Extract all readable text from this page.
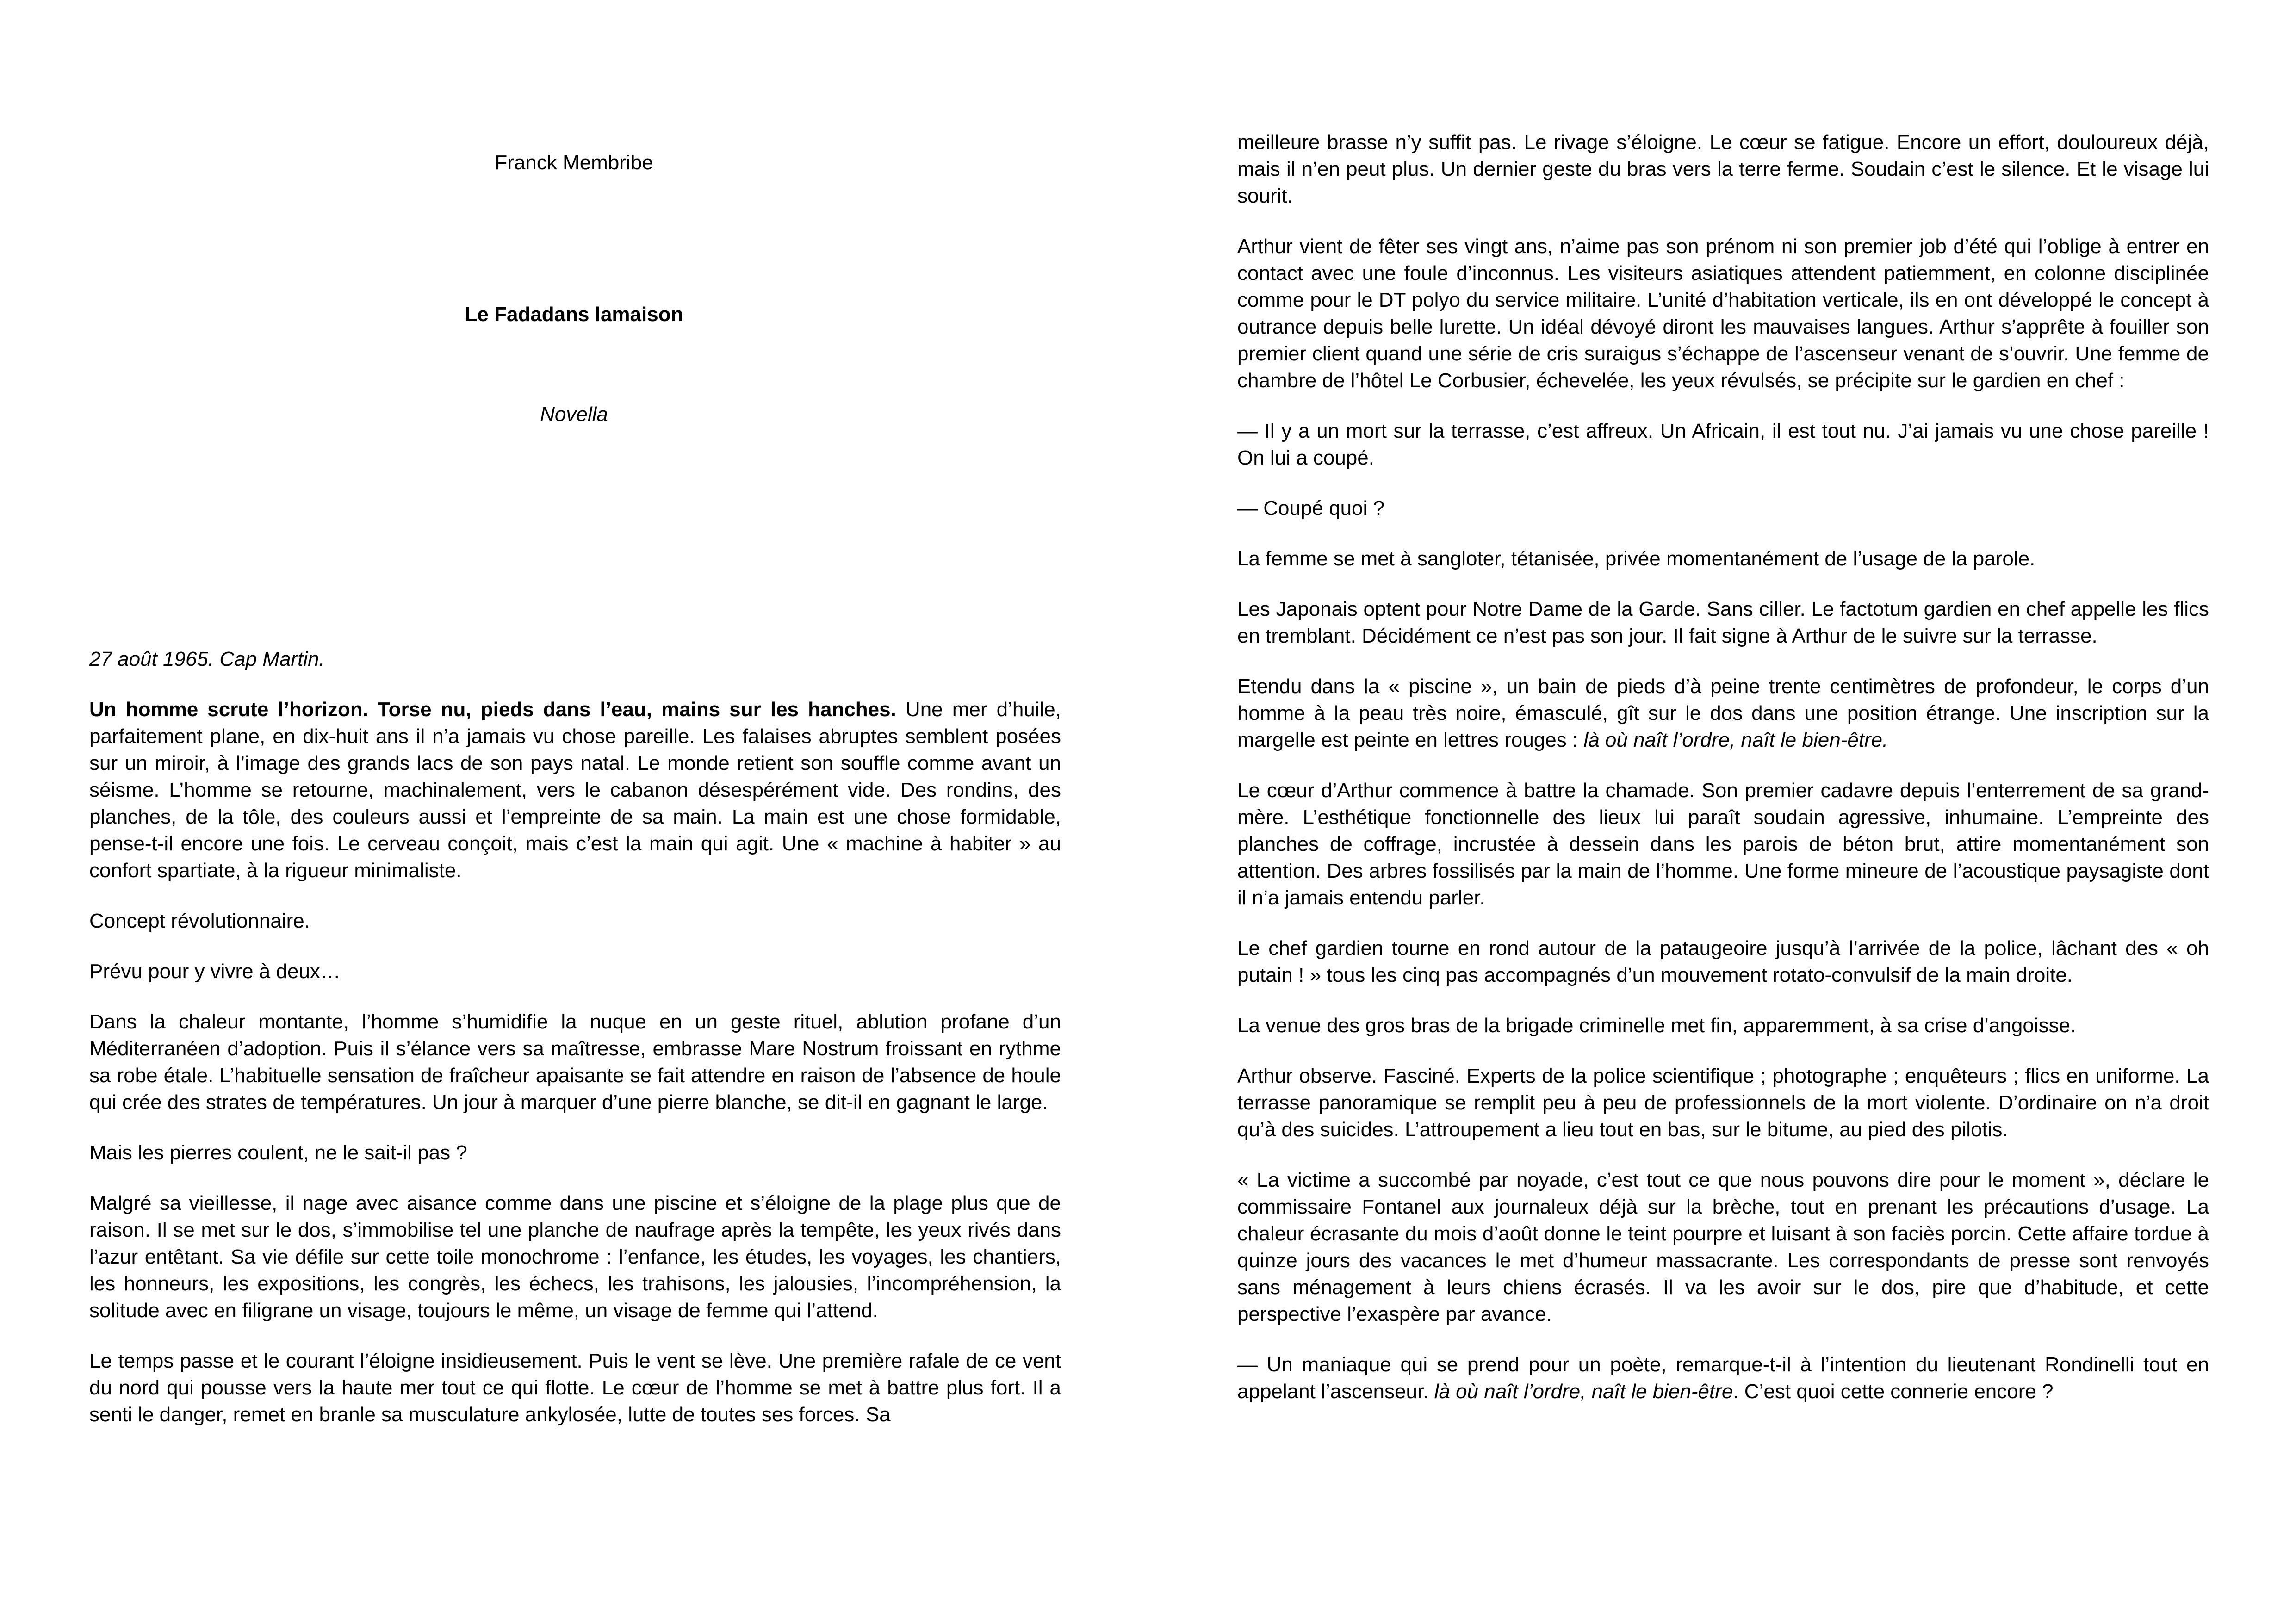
Franck Membribe
Le Fadadans lamaison
Novella

27 août 1965. Cap Martin.

Un homme scrute l’horizon. Torse nu, pieds dans l’eau, mains sur les hanches. Une mer d’huile, parfaitement plane, en dix-huit ans il n’a jamais vu chose pareille. Les falaises abruptes semblent posées sur un miroir, à l’image des grands lacs de son pays natal. Le monde retient son souffle comme avant un séisme. L’homme se retourne, machinalement, vers le cabanon désespérément vide. Des rondins, des planches, de la tôle, des couleurs aussi et l’empreinte de sa main. La main est une chose formidable, pense-t-il encore une fois. Le cerveau conçoit, mais c’est la main qui agit. Une « machine à habiter » au confort spartiate, à la rigueur minimaliste.

Concept révolutionnaire.

Prévu pour y vivre à deux…

Dans la chaleur montante, l’homme s’humidifie la nuque en un geste rituel, ablution profane d’un Méditerranéen d’adoption. Puis il s’élance vers sa maîtresse, embrasse Mare Nostrum froissant en rythme sa robe étale. L’habituelle sensation de fraîcheur apaisante se fait attendre en raison de l’absence de houle qui crée des strates de températures. Un jour à marquer d’une pierre blanche, se dit-il en gagnant le large.

Mais les pierres coulent, ne le sait-il pas ?

Malgré sa vieillesse, il nage avec aisance comme dans une piscine et s’éloigne de la plage plus que de raison. Il se met sur le dos, s’immobilise tel une planche de naufrage après la tempête, les yeux rivés dans l’azur entêtant. Sa vie défile sur cette toile monochrome : l’enfance, les études, les voyages, les chantiers, les honneurs, les expositions, les congrès, les échecs, les trahisons, les jalousies, l’incompréhension, la solitude avec en filigrane un visage, toujours le même, un visage de femme qui l’attend.

Le temps passe et le courant l’éloigne insidieusement. Puis le vent se lève. Une première rafale de ce vent du nord qui pousse vers la haute mer tout ce qui flotte. Le cœur de l’homme se met à battre plus fort. Il a senti le danger, remet en branle sa musculature ankylosée, lutte de toutes ses forces. Sa

meilleure brasse n’y suffit pas. Le rivage s’éloigne. Le cœur se fatigue. Encore un effort, douloureux déjà, mais il n’en peut plus. Un dernier geste du bras vers la terre ferme. Soudain c’est le silence. Et le visage lui sourit.

Arthur vient de fêter ses vingt ans, n’aime pas son prénom ni son premier job d’été qui l’oblige à entrer en contact avec une foule d’inconnus. Les visiteurs asiatiques attendent patiemment, en colonne disciplinée comme pour le DT polyo du service militaire. L’unité d’habitation verticale, ils en ont développé le concept à outrance depuis belle lurette. Un idéal dévoyé diront les mauvaises langues. Arthur s’apprête à fouiller son premier client quand une série de cris suraigus s’échappe de l’ascenseur venant de s’ouvrir. Une femme de chambre de l’hôtel Le Corbusier, échevelée, les yeux révulsés, se précipite sur le gardien en chef :

— Il y a un mort sur la terrasse, c’est affreux. Un Africain, il est tout nu. J’ai jamais vu une chose pareille ! On lui a coupé.

— Coupé quoi ?

La femme se met à sangloter, tétanisée, privée momentanément de l’usage de la parole.

Les Japonais optent pour Notre Dame de la Garde. Sans ciller. Le factotum gardien en chef appelle les flics en tremblant. Décidément ce n’est pas son jour. Il fait signe à Arthur de le suivre sur la terrasse.

Etendu dans la « piscine », un bain de pieds d’à peine trente centimètres de profondeur, le corps d’un homme à la peau très noire, émasculé, gît sur le dos dans une position étrange. Une inscription sur la margelle est peinte en lettres rouges : là où naît l’ordre, naît le bien-être.

Le cœur d’Arthur commence à battre la chamade. Son premier cadavre depuis l’enterrement de sa grand-mère. L’esthétique fonctionnelle des lieux lui paraît soudain agressive, inhumaine. L’empreinte des planches de coffrage, incrustée à dessein dans les parois de béton brut, attire momentanément son attention. Des arbres fossilisés par la main de l’homme. Une forme mineure de l’acoustique paysagiste dont il n’a jamais entendu parler.

Le chef gardien tourne en rond autour de la pataugeoire jusqu’à l’arrivée de la police, lâchant des « oh putain ! » tous les cinq pas accompagnés d’un mouvement rotato-convulsif de la main droite.

La venue des gros bras de la brigade criminelle met fin, apparemment, à sa crise d’angoisse.

Arthur observe. Fasciné. Experts de la police scientifique ; photographe ; enquêteurs ; flics en uniforme. La terrasse panoramique se remplit peu à peu de professionnels de la mort violente. D’ordinaire on n’a droit qu’à des suicides. L’attroupement a lieu tout en bas, sur le bitume, au pied des pilotis.

« La victime a succombé par noyade, c’est tout ce que nous pouvons dire pour le moment », déclare le commissaire Fontanel aux journaleux déjà sur la brèche, tout en prenant les précautions d’usage. La chaleur écrasante du mois d’août donne le teint pourpre et luisant à son faciès porcin. Cette affaire tordue à quinze jours des vacances le met d’humeur massacrante. Les correspondants de presse sont renvoyés sans ménagement à leurs chiens écrasés. Il va les avoir sur le dos, pire que d’habitude, et cette perspective l’exaspère par avance.

— Un maniaque qui se prend pour un poète, remarque-t-il à l’intention du lieutenant Rondinelli tout en appelant l’ascenseur. là où naît l’ordre, naît le bien-être. C’est quoi cette connerie encore ?
